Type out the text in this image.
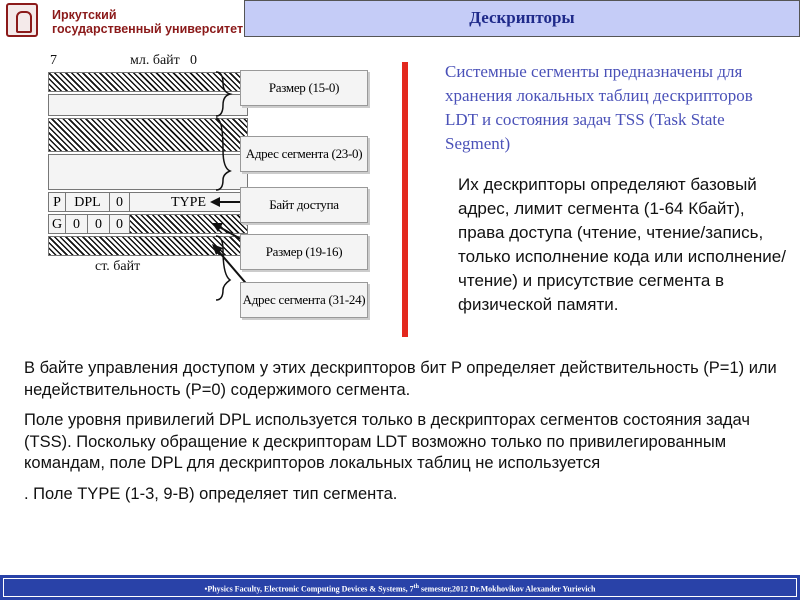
Иркутский
государственный университет
Дескрипторы
7	мл. байт 0
P DPL	0	TYPE
G 0	0	0
ст. байт
Размер (15-0)
Адрес сегмента (23-0)
Байт доступа
Размер (19-16)
Адрес сегмента (31-24)
Системные сегменты предназначены для хранения локальных таблиц дескрипторов LDT и состояния задач TSS (Task State Segment)
Их дескрипторы определяют базовый адрес, лимит сегмента (1-64 Кбайт), права доступа (чтение, чтение/запись, только исполнение кода или исполнение/чтение) и присутствие сегмента в физической памяти.

В байте управления доступом у этих дескрипторов бит P определяет действительность (P=1) или недействительность (P=0) содержимого сегмента.

Поле уровня привилегий DPL используется только в дескрипторах сегментов состояния задач (TSS). Поскольку обращение к дескрипторам LDT возможно только по привилегированным командам, поле DPL для дескрипторов локальных таблиц не используется

. Поле TYPE (1-3, 9-B) определяет тип сегмента.

•Physics Faculty, Electronic Computing Devices & Systems, 7th semester,2012 Dr.Mokhovikov Alexander Yurievich
